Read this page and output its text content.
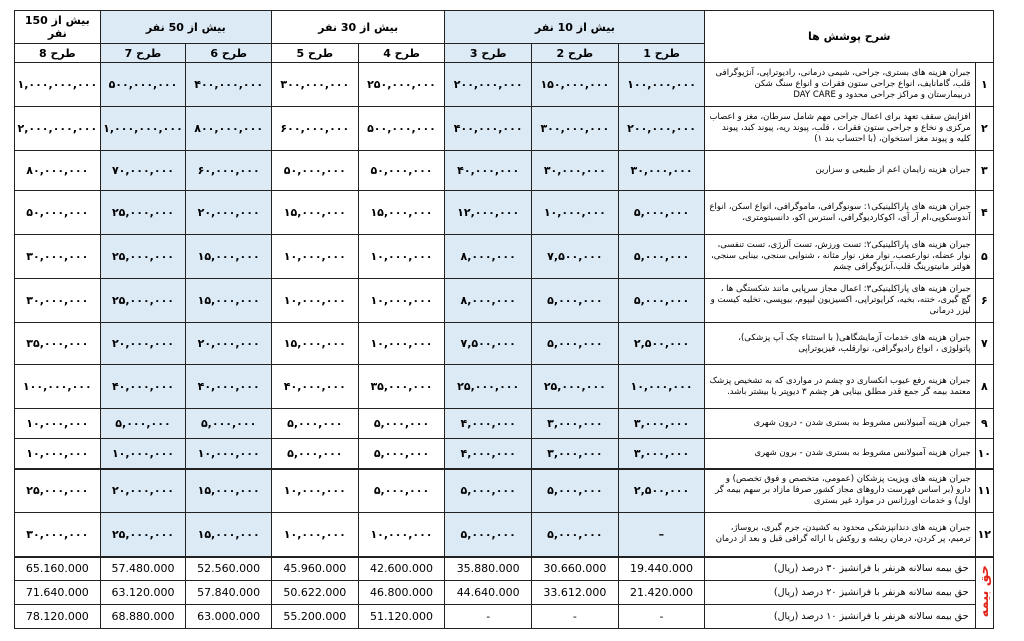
بیش از 150 نفر	بیش از 50 نفر		بیش از 30 نفر		بیش از 10 نفر			شرح پوشش ها	
طرح 8	طرح 7	طرح 6	طرح 5	طرح 4	طرح 3	طرح 2	طرح 1		
۱,۰۰۰,۰۰۰,۰۰۰	۵۰۰,۰۰۰,۰۰۰	۴۰۰,۰۰۰,۰۰۰	۳۰۰,۰۰۰,۰۰۰	۲۵۰,۰۰۰,۰۰۰	۲۰۰,۰۰۰,۰۰۰	۱۵۰,۰۰۰,۰۰۰	۱۰۰,۰۰۰,۰۰۰	جبران هزینه های بستری، جراحی، شیمی درمانی، رادیوتراپی، آنژیوگرافی قلب، گامانایف، انواع جراحی ستون فقرات و انواع سنگ شکن دربیمارستان و مراکز جراحی محدود و DAY CARE	۱
۲,۰۰۰,۰۰۰,۰۰۰	۱,۰۰۰,۰۰۰,۰۰۰	۸۰۰,۰۰۰,۰۰۰	۶۰۰,۰۰۰,۰۰۰	۵۰۰,۰۰۰,۰۰۰	۴۰۰,۰۰۰,۰۰۰	۳۰۰,۰۰۰,۰۰۰	۲۰۰,۰۰۰,۰۰۰	افزایش سقف تعهد برای اعمال جراحی مهم شامل سرطان، مغز و اعصاب مرکزی و نخاع و جراحی ستون فقرات ، قلب، پیوند ریه، پیوند کبد، پیوند کلیه و پیوند مغز استخوان، (با احتساب بند ۱)	۲
۸۰,۰۰۰,۰۰۰	۷۰,۰۰۰,۰۰۰	۶۰,۰۰۰,۰۰۰	۵۰,۰۰۰,۰۰۰	۵۰,۰۰۰,۰۰۰	۴۰,۰۰۰,۰۰۰	۳۰,۰۰۰,۰۰۰	۳۰,۰۰۰,۰۰۰	جبران هزینه زایمان اعم از طبیعی و سزارین	۳
۵۰,۰۰۰,۰۰۰	۲۵,۰۰۰,۰۰۰	۲۰,۰۰۰,۰۰۰	۱۵,۰۰۰,۰۰۰	۱۵,۰۰۰,۰۰۰	۱۲,۰۰۰,۰۰۰	۱۰,۰۰۰,۰۰۰	۵,۰۰۰,۰۰۰	جبران هزینه های پاراکلینیکی۱: سونوگرافی، ماموگرافی، انواع اسکن، انواع آندوسکوپی،ام آر آی، اکوکاردیوگرافی، استرس اکو، دانسیتومتری،	۴
۳۰,۰۰۰,۰۰۰	۲۵,۰۰۰,۰۰۰	۱۵,۰۰۰,۰۰۰	۱۰,۰۰۰,۰۰۰	۱۰,۰۰۰,۰۰۰	۸,۰۰۰,۰۰۰	۷,۵۰۰,۰۰۰	۵,۰۰۰,۰۰۰	جبران هزینه های پاراکلینیکی۲: تست ورزش، تست آلرژی، تست تنفسی، نوار عضله، نوارعصب، نوار مغز، نوار مثانه ، شنوایی سنجی، بینایی سنجی، هولتر مانیتورینگ قلب،آنژیوگرافی چشم	۵
۳۰,۰۰۰,۰۰۰	۲۵,۰۰۰,۰۰۰	۱۵,۰۰۰,۰۰۰	۱۰,۰۰۰,۰۰۰	۱۰,۰۰۰,۰۰۰	۸,۰۰۰,۰۰۰	۵,۰۰۰,۰۰۰	۵,۰۰۰,۰۰۰	جبران هزینه های پاراکلینیکی۳: اعمال مجاز سرپایی مانند شکستگی ها ، گچ گیری، ختنه، بخیه، کرایوتراپی، اکسیزیون لیپوم، بیوپسی، تخلیه کیست و لیزر درمانی	۶
۳۵,۰۰۰,۰۰۰	۲۰,۰۰۰,۰۰۰	۲۰,۰۰۰,۰۰۰	۱۵,۰۰۰,۰۰۰	۱۰,۰۰۰,۰۰۰	۷,۵۰۰,۰۰۰	۵,۰۰۰,۰۰۰	۲,۵۰۰,۰۰۰	جبران هزینه های خدمات آزمایشگاهی( با استثناء چک آپ پزشکی)، پاتولوژی ، انواع رادیوگرافی، نوارقلب، فیزیوتراپی	۷
۱۰۰,۰۰۰,۰۰۰	۴۰,۰۰۰,۰۰۰	۴۰,۰۰۰,۰۰۰	۴۰,۰۰۰,۰۰۰	۳۵,۰۰۰,۰۰۰	۲۵,۰۰۰,۰۰۰	۲۵,۰۰۰,۰۰۰	۱۰,۰۰۰,۰۰۰	جبران هزینه رفع عیوب انکساری دو چشم در مواردی که به تشخیص پزشک معتمد بیمه گر جمع قدر مطلق بینایی هر چشم ۳ دیوپتر یا بیشتر باشد.	۸
۱۰,۰۰۰,۰۰۰	۵,۰۰۰,۰۰۰	۵,۰۰۰,۰۰۰	۵,۰۰۰,۰۰۰	۵,۰۰۰,۰۰۰	۴,۰۰۰,۰۰۰	۳,۰۰۰,۰۰۰	۳,۰۰۰,۰۰۰	جبران هزینه آمبولانس مشروط به بستری شدن - درون شهری	۹
۱۰,۰۰۰,۰۰۰	۱۰,۰۰۰,۰۰۰	۱۰,۰۰۰,۰۰۰	۵,۰۰۰,۰۰۰	۵,۰۰۰,۰۰۰	۴,۰۰۰,۰۰۰	۳,۰۰۰,۰۰۰	۳,۰۰۰,۰۰۰	جبران هزینه آمبولانس مشروط به بستری شدن - برون شهری	۱۰
۲۵,۰۰۰,۰۰۰	۲۰,۰۰۰,۰۰۰	۱۵,۰۰۰,۰۰۰	۱۰,۰۰۰,۰۰۰	۵,۰۰۰,۰۰۰	۵,۰۰۰,۰۰۰	۵,۰۰۰,۰۰۰	۲,۵۰۰,۰۰۰	جبران هزینه های ویزیت پزشکان (عمومی، متخصص و فوق تخصص) و دارو (بر اساس فهرست داروهای مجاز کشور صرفا مازاد بر سهم بیمه گر اول) و خدمات اورژانس در موارد غیر بستری	۱۱
۳۰,۰۰۰,۰۰۰	۲۵,۰۰۰,۰۰۰	۱۵,۰۰۰,۰۰۰	۱۰,۰۰۰,۰۰۰	۱۰,۰۰۰,۰۰۰	۵,۰۰۰,۰۰۰	۵,۰۰۰,۰۰۰	–	جبران هزینه های دندانپزشکی محدود به کشیدن، جرم گیری، بروساژ، ترمیم، پر کردن، درمان ریشه و روکش با ارائه گرافی قبل و بعد از درمان	۱۲
65.160.000	57.480.000	52.560.000	45.960.000	42.600.000	35.880.000	30.660.000	19.440.000	حق بیمه سالانه هرنفر با فرانشیز ۳۰ درصد (ریال)	حق بیمه
71.640.000	63.120.000	57.840.000	50.622.000	46.800.000	44.640.000	33.612.000	21.420.000	حق بیمه سالانه هرنفر با فرانشیز ۲۰ درصد (ریال)	
78.120.000	68.880.000	63.000.000	55.200.000	51.120.000	-	-	-	حق بیمه سالانه هرنفر با فرانشیز ۱۰ درصد (ریال)	
